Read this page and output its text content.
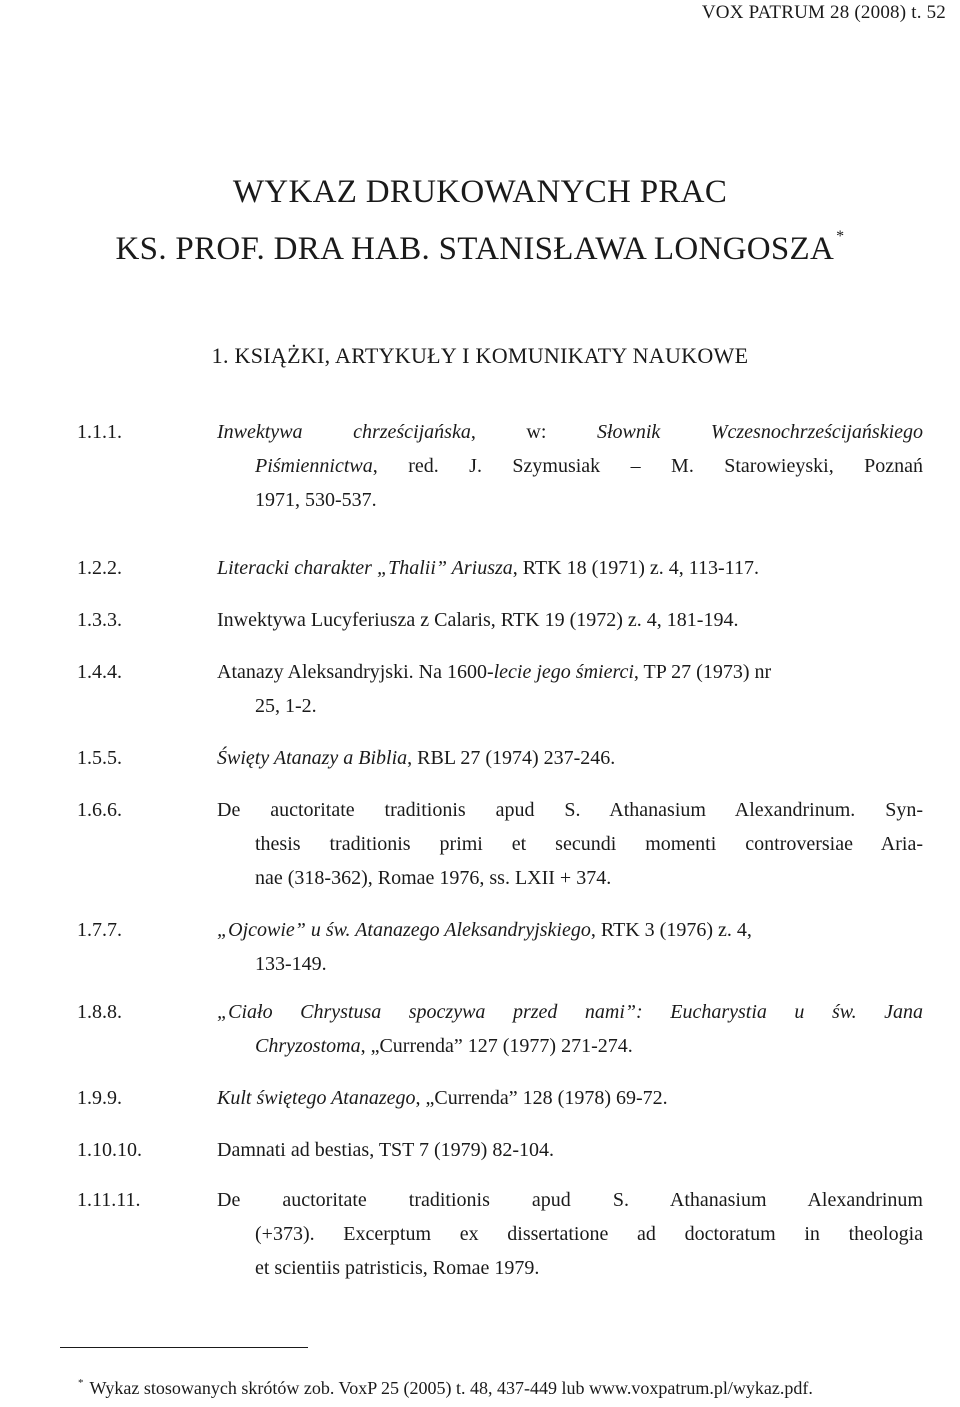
VOX PATRUM 28 (2008) t. 52
WYKAZ DRUKOWANYCH PRAC
KS. PROF. DRA HAB. STANISŁAWA LONGOSZA *
1. KSIĄŻKI, ARTYKUŁY I KOMUNIKATY NAUKOWE
1.1.1.	Inwektywa chrześcijańska, w: Słownik Wczesnochrześcijańskiego
Piśmiennictwa, red. J. Szymusiak – M. Starowieyski, Poznań
1971, 530-537.
1.2.2.	Literacki charakter „Thalii” Ariusza, RTK 18 (1971) z. 4, 113-117.
1.3.3.	Inwektywa Lucyferiusza z Calaris, RTK 19 (1972) z. 4, 181-194.
1.4.4.	Atanazy Aleksandryjski. Na 1600-lecie jego śmierci, TP 27 (1973) nr
25, 1-2.
1.5.5.	Święty Atanazy a Biblia, RBL 27 (1974) 237-246.
1.6.6.	De auctoritate traditionis apud S. Athanasium Alexandrinum. Syn-
thesis traditionis primi et secundi momenti controversiae Aria-
nae (318-362), Romae 1976, ss. LXII + 374.
1.7.7.	„Ojcowie” u św. Atanazego Aleksandryjskiego, RTK 3 (1976) z. 4,
133-149.
1.8.8.	„Ciało Chrystusa spoczywa przed nami”: Eucharystia u św. Jana
Chryzostoma, „Currenda” 127 (1977) 271-274.
1.9.9.	Kult świętego Atanazego, „Currenda” 128 (1978) 69-72.
1.10.10.	Damnati ad bestias, TST 7 (1979) 82-104.
1.11.11.	De auctoritate traditionis apud S. Athanasium Alexandrinum
(+373). Excerptum ex dissertatione ad doctoratum in theologia
et scientiis patristicis, Romae 1979.
* Wykaz stosowanych skrótów zob. VoxP 25 (2005) t. 48, 437-449 lub www.voxpatrum.pl/wykaz.pdf.
